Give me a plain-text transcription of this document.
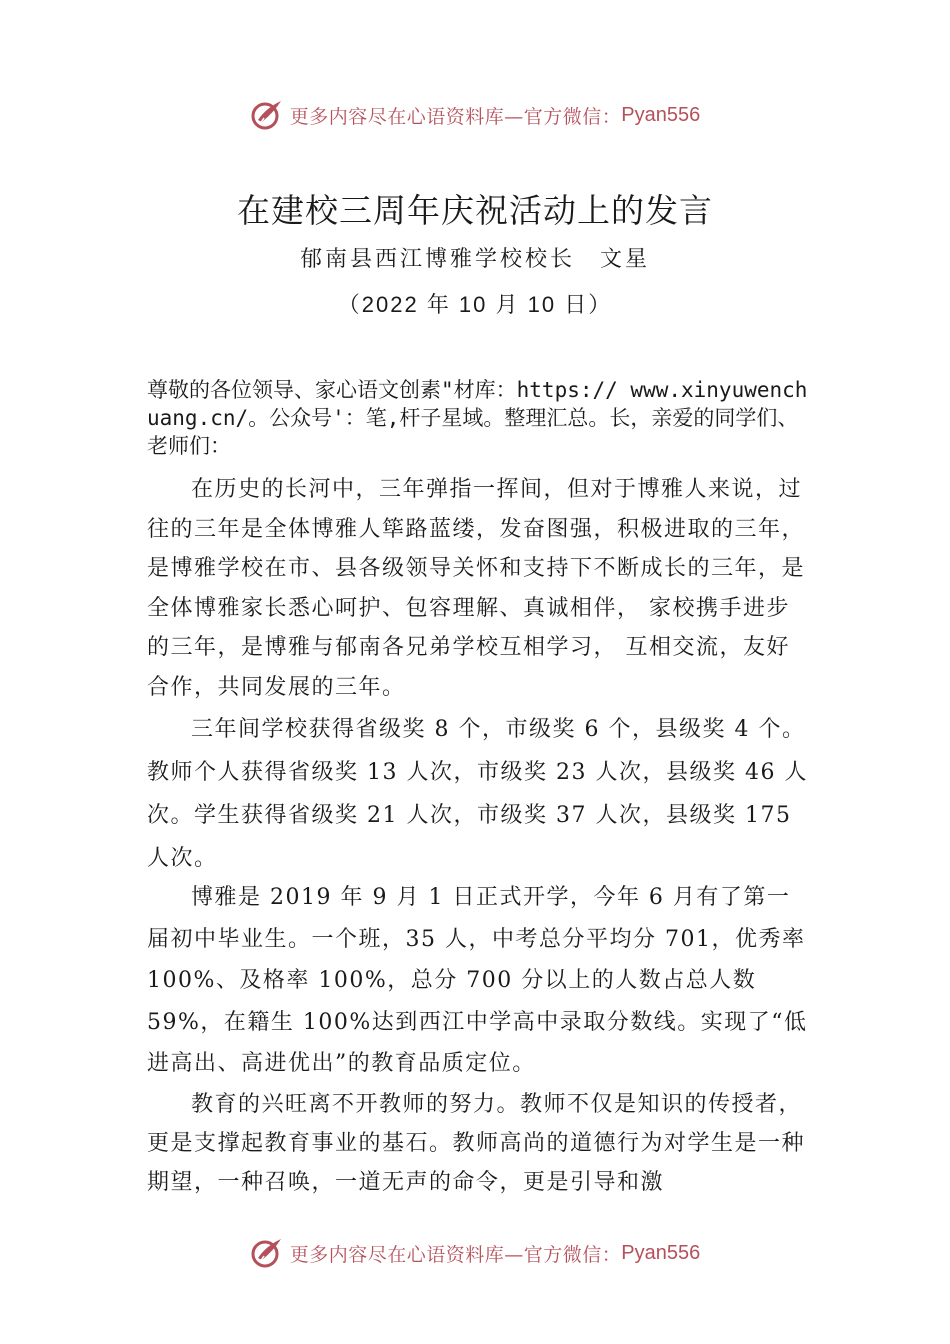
更多内容尽在心语资料库—官方微信： Pyan556
在建校三周年庆祝活动上的发言
郁南县西江博雅学校校长　文星
（2022 年 10 月 10 日）
尊敬的各位领导、家心语文创素"材库：https:// www.xinyuwenchuang.cn/。公众号'：笔,杆子星域。整理汇总。长，亲爱的同学们、老师们：

在历史的长河中，三年弹指一挥间，但对于博雅人来说，过往的三年是全体博雅人筚路蓝缕，发奋图强，积极进取的三年，是博雅学校在市、县各级领导关怀和支持下不断成长的三年，是全体博雅家长悉心呵护、包容理解、真诚相伴， 家校携手进步的三年，是博雅与郁南各兄弟学校互相学习， 互相交流，友好合作，共同发展的三年。

三年间学校获得省级奖 8 个，市级奖 6 个，县级奖 4 个。教师个人获得省级奖 13 人次，市级奖 23 人次，县级奖 46 人次。学生获得省级奖 21 人次，市级奖 37 人次，县级奖 175 人次。

博雅是 2019 年 9 月 1 日正式开学，今年 6 月有了第一届初中毕业生。一个班，35 人，中考总分平均分 701，优秀率 100%、及格率 100%，总分 700 分以上的人数占总人数 59%，在籍生 100%达到西江中学高中录取分数线。实现了“低进高出、高进优出”的教育品质定位。

教育的兴旺离不开教师的努力。教师不仅是知识的传授者，更是支撑起教育事业的基石。教师高尚的道德行为对学生是一种期望，一种召唤，一道无声的命令，更是引导和激

更多内容尽在心语资料库—官方微信： Pyan556
